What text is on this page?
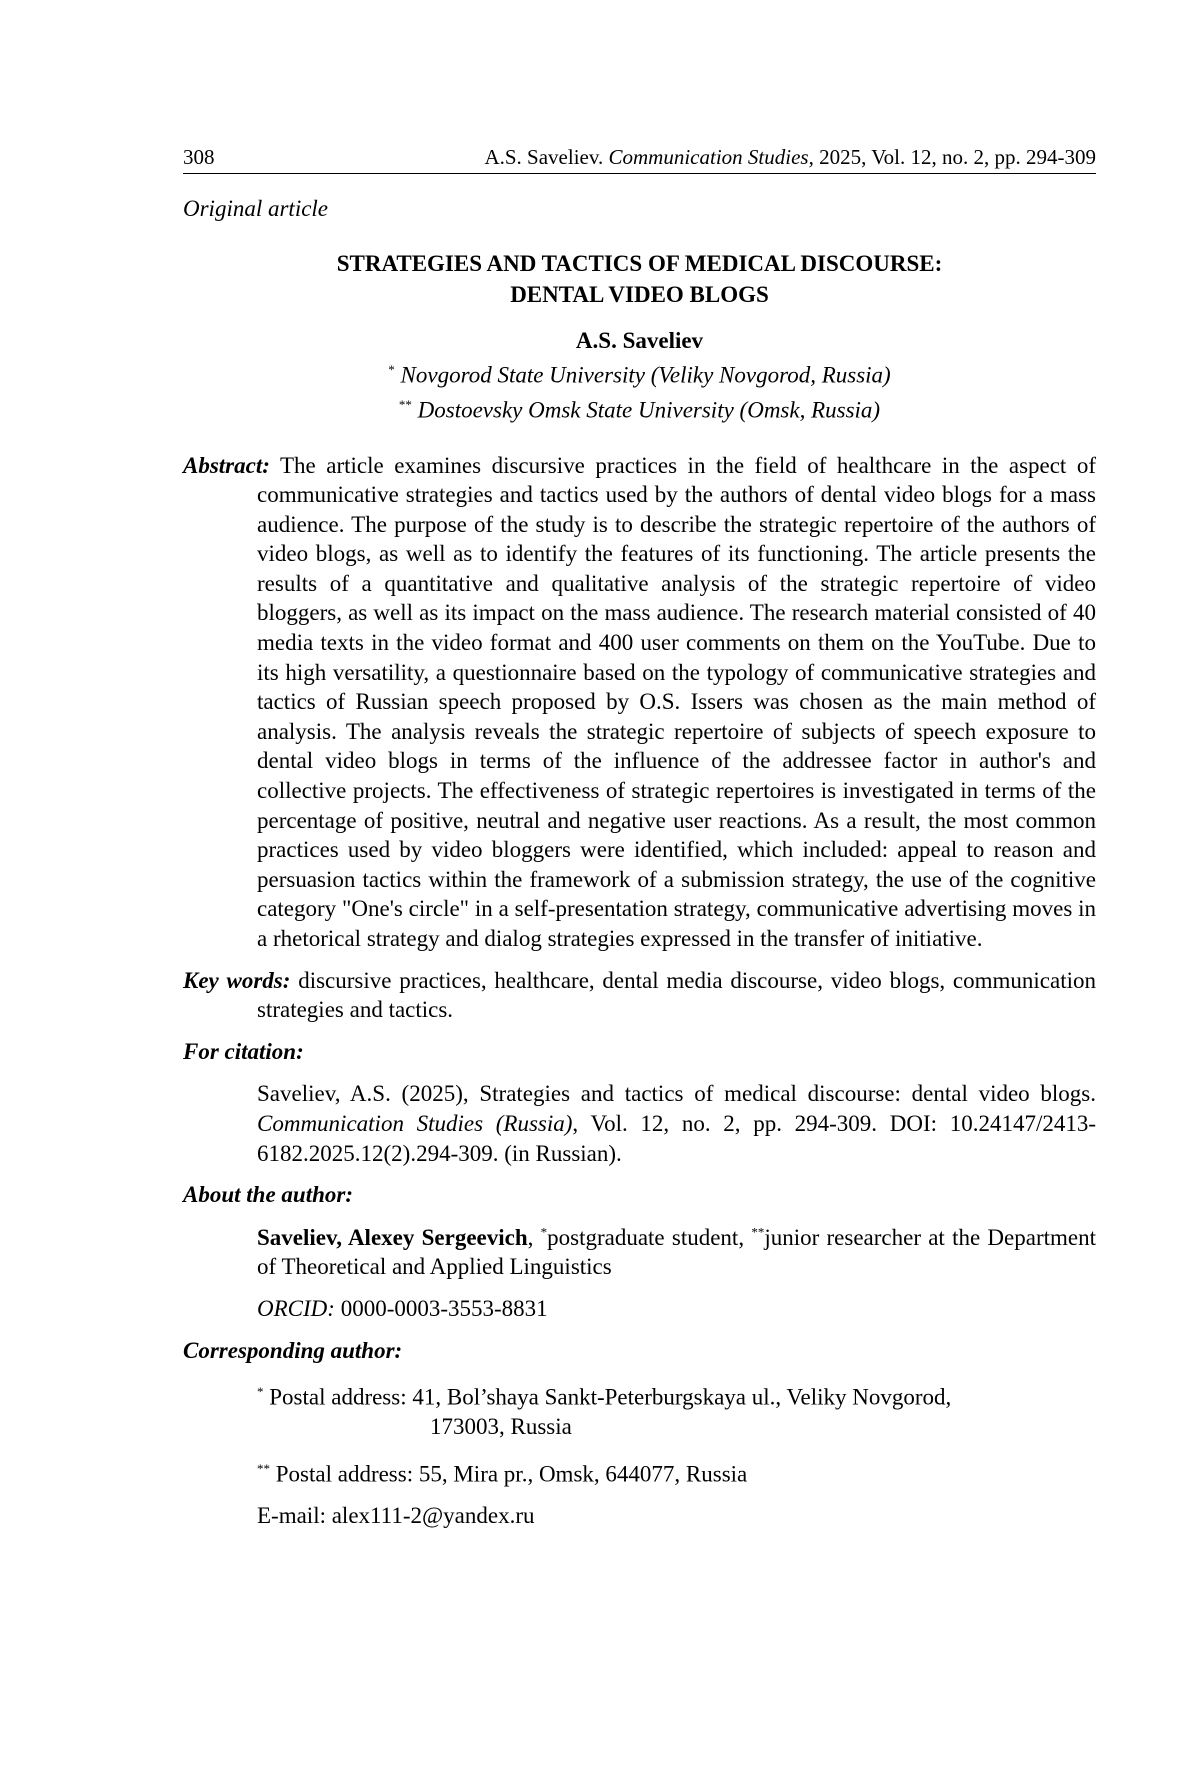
308	A.S. Saveliev. Communication Studies, 2025, Vol. 12, no. 2, pp. 294-309
Original article
STRATEGIES AND TACTICS OF MEDICAL DISCOURSE:
DENTAL VIDEO BLOGS
A.S. Saveliev
* Novgorod State University (Veliky Novgorod, Russia)
** Dostoevsky Omsk State University (Omsk, Russia)
Abstract: The article examines discursive practices in the field of healthcare in the aspect of communicative strategies and tactics used by the authors of dental video blogs for a mass audience. The purpose of the study is to describe the strategic repertoire of the authors of video blogs, as well as to identify the features of its functioning. The article presents the results of a quantitative and qualitative analysis of the strategic repertoire of video bloggers, as well as its impact on the mass audience. The research material consisted of 40 media texts in the video format and 400 user comments on them on the YouTube. Due to its high versatility, a questionnaire based on the typology of communicative strategies and tactics of Russian speech proposed by O.S. Issers was chosen as the main method of analysis. The analysis reveals the strategic repertoire of subjects of speech exposure to dental video blogs in terms of the influence of the addressee factor in author's and collective projects. The effectiveness of strategic repertoires is investigated in terms of the percentage of positive, neutral and negative user reactions. As a result, the most common practices used by video bloggers were identified, which included: appeal to reason and persuasion tactics within the framework of a submission strategy, the use of the cognitive category "One's circle" in a self-presentation strategy, communicative advertising moves in a rhetorical strategy and dialog strategies expressed in the transfer of initiative.
Key words: discursive practices, healthcare, dental media discourse, video blogs, communication strategies and tactics.
For citation:
Saveliev, A.S. (2025), Strategies and tactics of medical discourse: dental video blogs. Communication Studies (Russia), Vol. 12, no. 2, pp. 294-309. DOI: 10.24147/2413-6182.2025.12(2).294-309. (in Russian).
About the author:
Saveliev, Alexey Sergeevich, *postgraduate student, **junior researcher at the Department of Theoretical and Applied Linguistics
ORCID: 0000-0003-3553-8831
Corresponding author:
* Postal address: 41, Bol’shaya Sankt-Peterburgskaya ul., Veliky Novgorod,
173003, Russia
** Postal address: 55, Mira pr., Omsk, 644077, Russia
E-mail: alex111-2@yandex.ru
